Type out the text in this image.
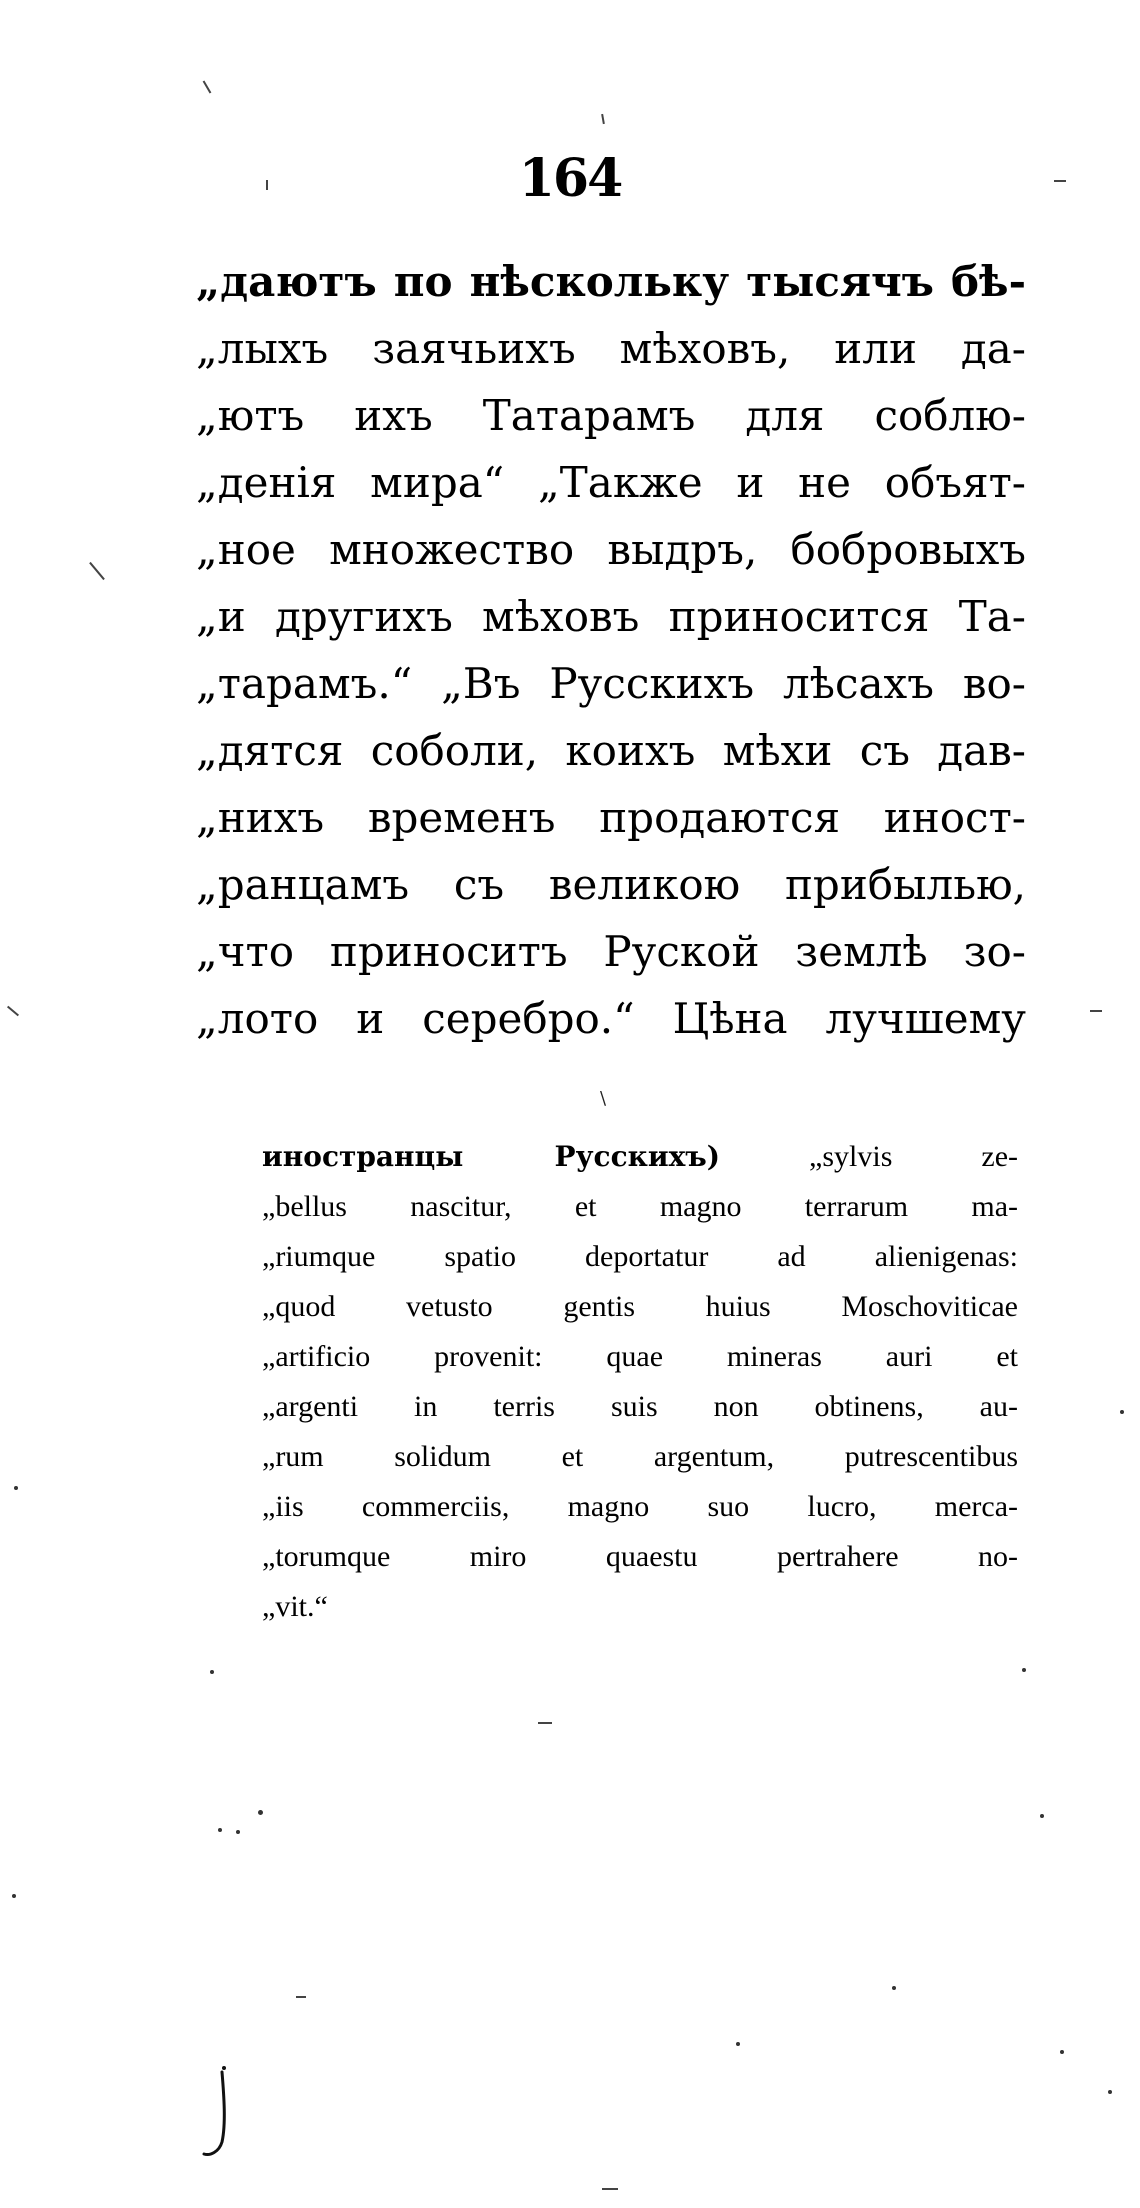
164
„даютъ по нѣскольку тысячъ бѣ-
„лыхъ заячьихъ мѣховъ, или да-
„ютъ ихъ Татарамъ для соблю-
„денія мира“ „Также и не объят-
„ное множество выдръ, бобровыхъ
„и другихъ мѣховъ приносится Та-
„тарамъ.“ „Въ Руcскихъ лѣсахъ во-
„дятся соболи, коихъ мѣхи съ дав-
„нихъ временъ продаются иност-
„ранцамъ съ великою прибылью,
„что приноситъ Руской землѣ зо-
„лото и серебро.“ Цѣна лучшему
\
иностранцы Русскихъ)	„sylvis ze-
„bellus nascitur, et magno terrarum ma-
„riumque spatio deportatur ad alienigenas:
„quod vetusto gentis huius Moschoviticae
„artificio provenit: quae mineras auri et
„argenti in terris suis non obtinens, au-
„rum solidum et argentum, putrescentibus
„iis commerciis, magno suo lucro, merca-
„torumque miro quaestu pertrahere no-
„vit.“
